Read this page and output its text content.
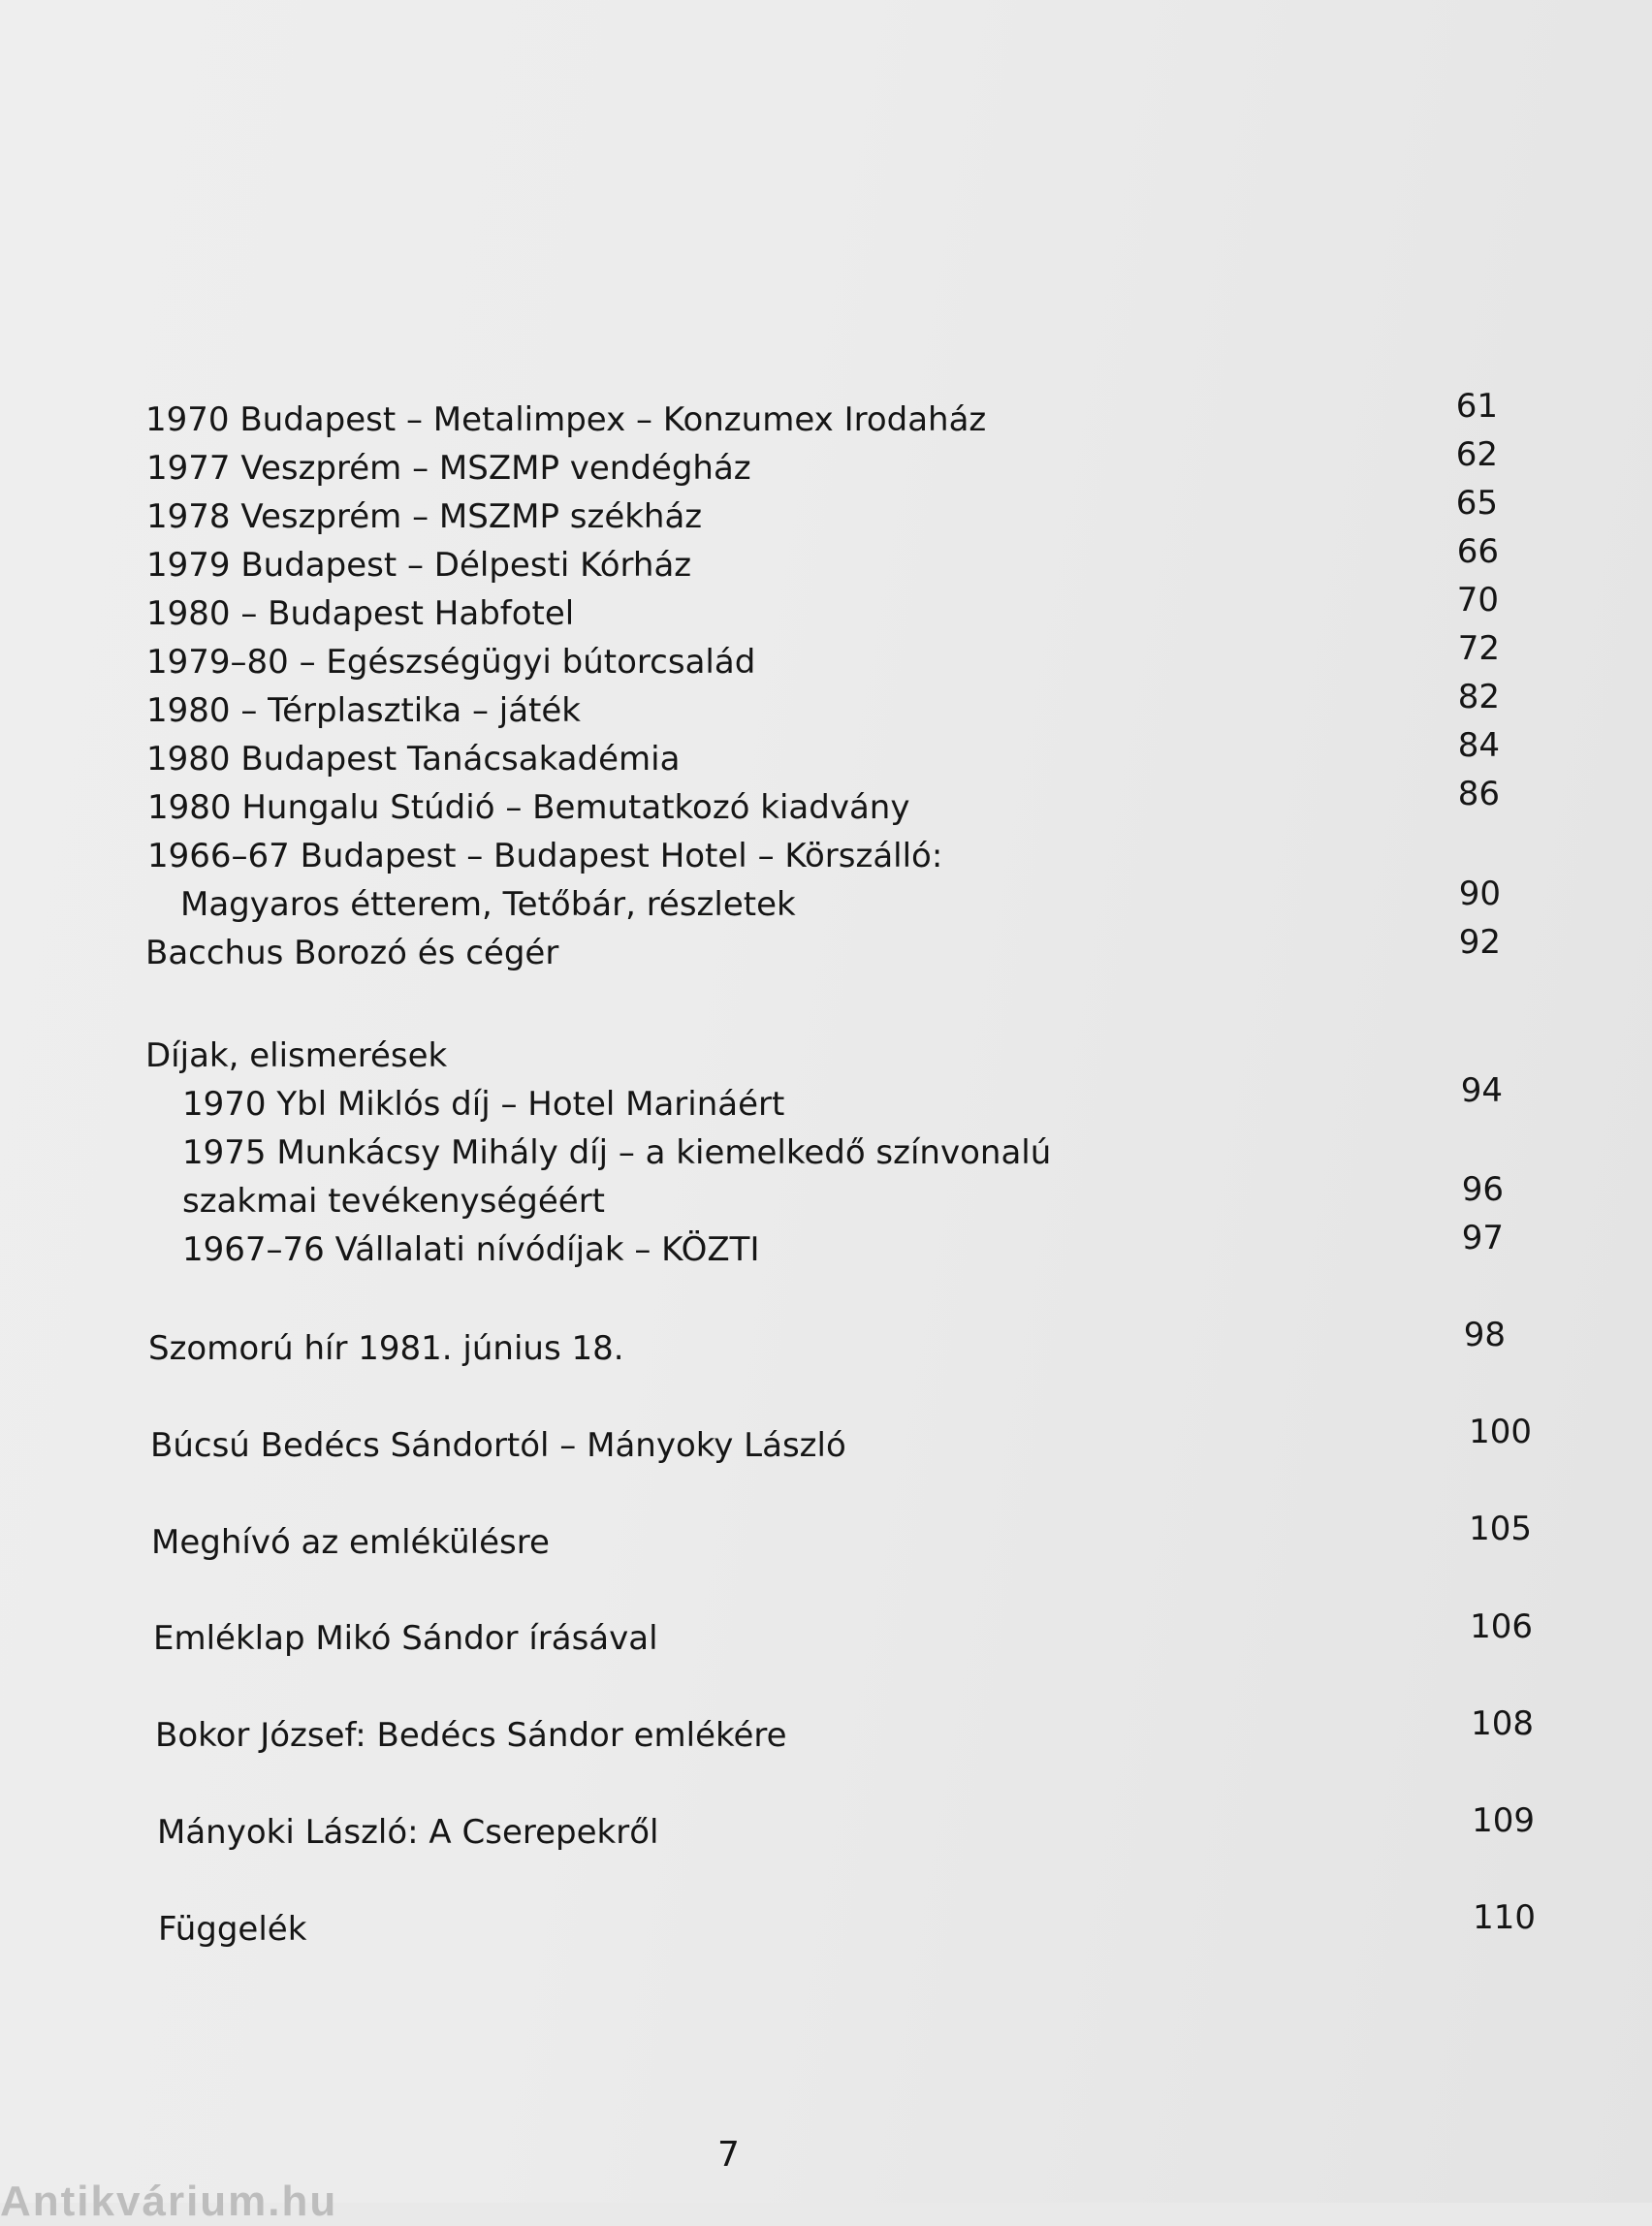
1970 Budapest – Metalimpex – Konzumex Irodaház	61
1977 Veszprém – MSZMP vendégház	62
1978 Veszprém – MSZMP székház	65
1979 Budapest – Délpesti Kórház	66
1980 – Budapest Habfotel	70
1979–80 – Egészségügyi bútorcsalád	72
1980 – Térplasztika – játék	82
1980 Budapest Tanácsakadémia	84
1980 Hungalu Stúdió – Bemutatkozó kiadvány	86
1966–67 Budapest – Budapest Hotel – Körszálló:
Magyaros étterem, Tetőbár, részletek	90
Bacchus Borozó és cégér	92
Díjak, elismerések
1970 Ybl Miklós díj – Hotel Marináért	94
1975 Munkácsy Mihály díj – a kiemelkedő színvonalú
szakmai tevékenységéért	96
1967–76 Vállalati nívódíjak – KÖZTI	97
Szomorú hír 1981. június 18.	98
Búcsú Bedécs Sándortól – Mányoky László	100
Meghívó az emlékülésre	105
Emléklap Mikó Sándor írásával	106
Bokor József: Bedécs Sándor emlékére	108
Mányoki László: A Cserepekről	109
Függelék	110
7
Antikvárium.hu
